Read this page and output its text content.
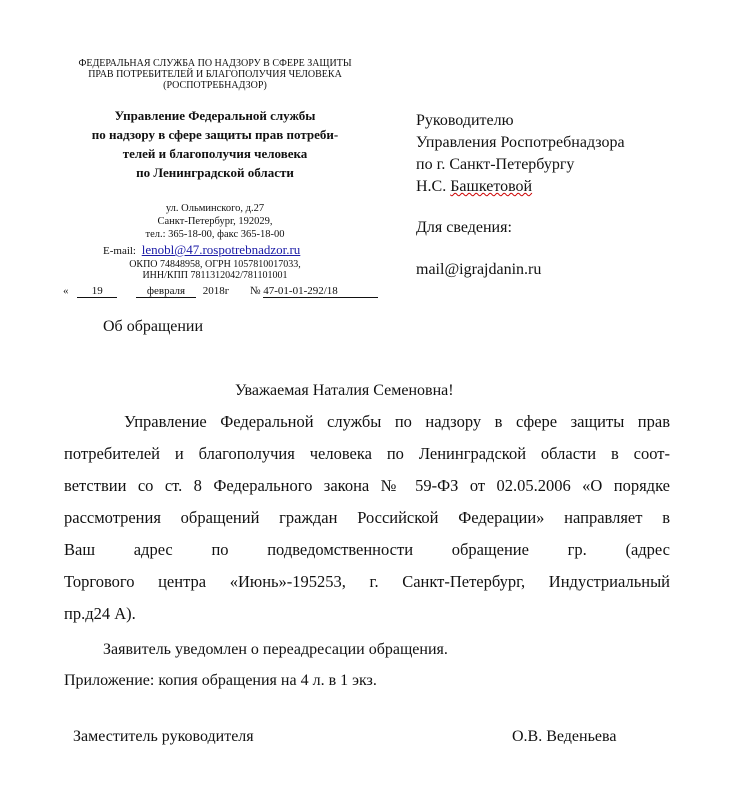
ФЕДЕРАЛЬНАЯ СЛУЖБА ПО НАДЗОРУ В СФЕРЕ ЗАЩИТЫ
ПРАВ ПОТРЕБИТЕЛЕЙ И БЛАГОПОЛУЧИЯ ЧЕЛОВЕКА
(РОСПОТРЕБНАДЗОР)
Управление Федеральной службы
по надзору в сфере защиты прав потреби-
телей и благополучия человека
по Ленинградской области
ул. Ольминского, д.27
Санкт-Петербург, 192029,
тел.: 365-18-00, факс 365-18-00
E-mail: lenobl@47.rospotrebnadzor.ru
ОКПО 74848958, ОГРН 1057810017033,
ИНН/КПП 7811312042/781101001
« 19	февраля 2018г № 47-01-01-292/18
Руководителю
Управления Роспотребнадзора
по г. Санкт-Петербургу
Н.С. Башкетовой
Для сведения:
mail@igrajdanin.ru
Об обращении
Уважаемая Наталия Семеновна!
Управление Федеральной службы по надзору в сфере защиты прав
потребителей и благополучия человека по Ленинградской области в соот-
ветствии со ст. 8 Федерального закона № 59-ФЗ от 02.05.2006 «О порядке
рассмотрения обращений граждан Российской Федерации» направляет в
Ваш адрес по подведомственности обращение гр. (адрес
Торгового центра «Июнь»-195253, г. Санкт-Петербург, Индустриальный
пр.д24 А).
Заявитель уведомлен о переадресации обращения.
Приложение: копия обращения на 4 л. в 1 экз.
Заместитель руководителя	О.В. Веденьева
